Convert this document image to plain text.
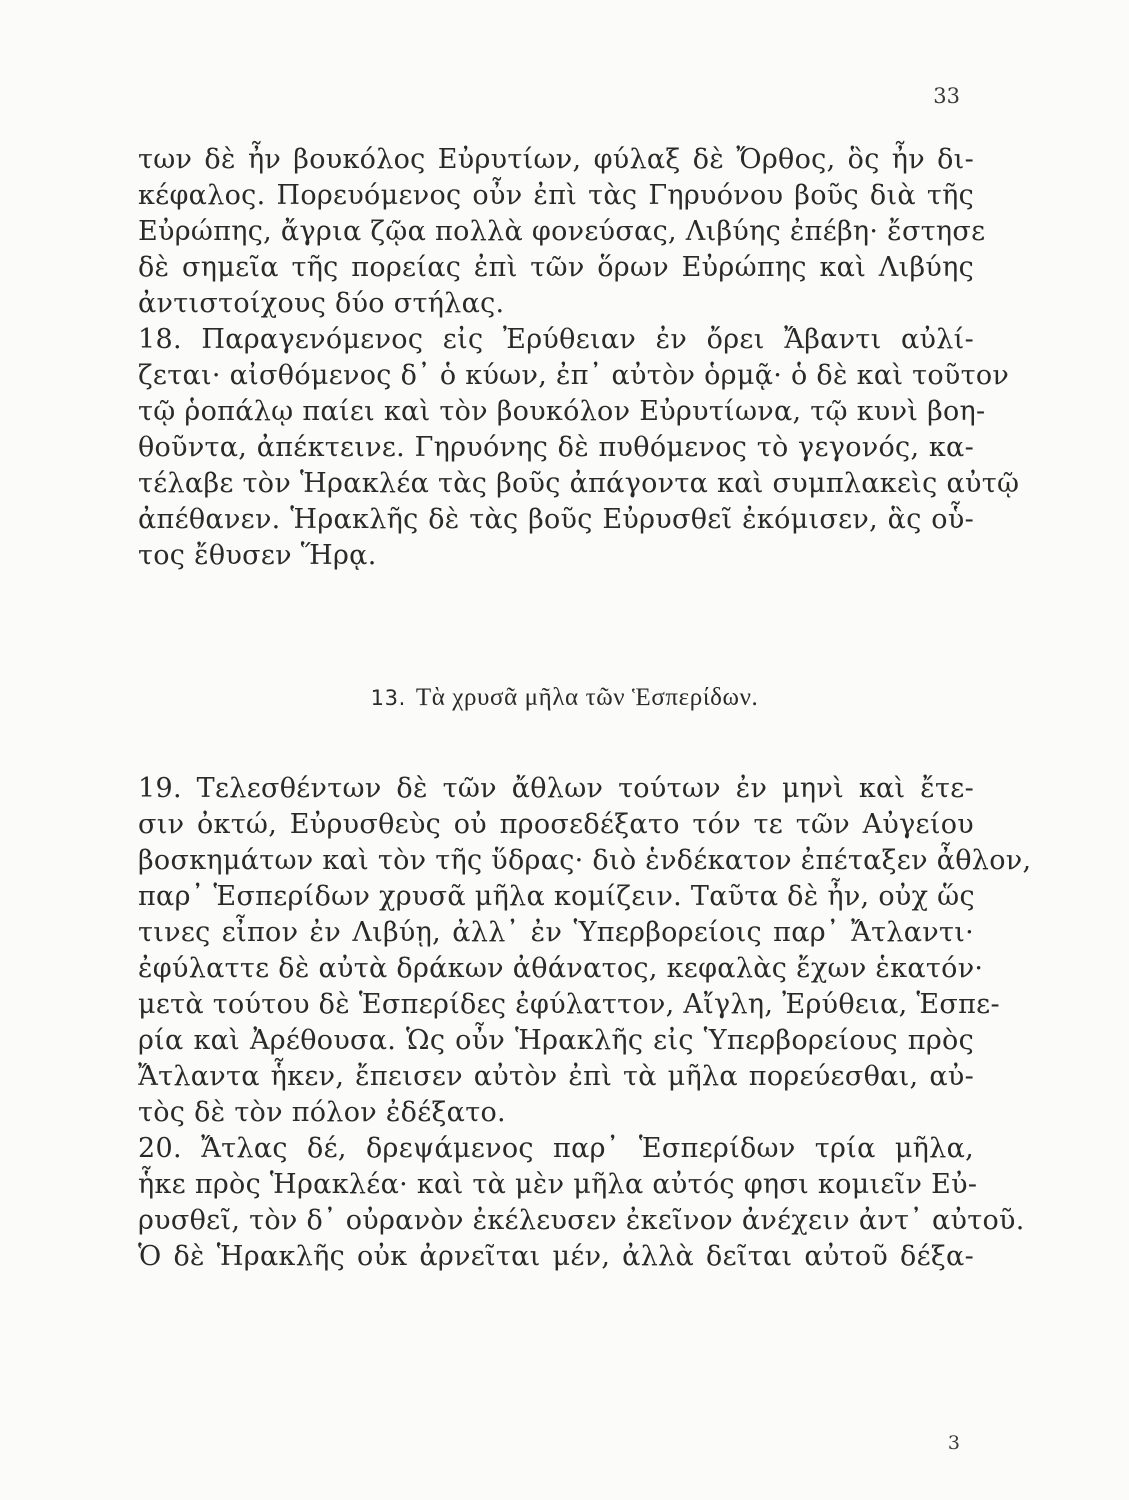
33
των δὲ ἦν βουκόλος Εὐρυτίων, φύλαξ δὲ Ὄρθος, ὃς ἦν δι-
κέφαλος. Πορευόμενος οὖν ἐπὶ τὰς Γηρυόνου βοῦς διὰ τῆς
Εὐρώπης, ἄγρια ζῷα πολλὰ φονεύσας, Λιβύης ἐπέβη· ἔστησε
δὲ σημεῖα τῆς πορείας ἐπὶ τῶν ὅρων Εὐρώπης καὶ Λιβύης
ἀντιστοίχους δύο στήλας.
18. Παραγενόμενος εἰς Ἐρύθειαν ἐν ὄρει Ἄβαντι αὐλί-
ζεται· αἰσθόμενος δ᾽ ὁ κύων, ἐπ᾽ αὐτὸν ὁρμᾷ· ὁ δὲ καὶ τοῦτον
τῷ ῥοπάλῳ παίει καὶ τὸν βουκόλον Εὐρυτίωνα, τῷ κυνὶ βοη-
θοῦντα, ἀπέκτεινε. Γηρυόνης δὲ πυθόμενος τὸ γεγονός, κα-
τέλαβε τὸν Ἡρακλέα τὰς βοῦς ἀπάγοντα καὶ συμπλακεὶς αὐτῷ
ἀπέθανεν. Ἡρακλῆς δὲ τὰς βοῦς Εὐρυσθεῖ ἐκόμισεν, ἃς οὗ-
τος ἔθυσεν Ἥρᾳ.
13. Τὰ χρυσᾶ μῆλα τῶν Ἑσπερίδων.
19. Τελεσθέντων δὲ τῶν ἄθλων τούτων ἐν μηνὶ καὶ ἔτε-
σιν ὀκτώ, Εὐρυσθεὺς οὐ προσεδέξατο τόν τε τῶν Αὐγείου
βοσκημάτων καὶ τὸν τῆς ὕδρας· διὸ ἑνδέκατον ἐπέταξεν ἆθλον,
παρ᾽ Ἑσπερίδων χρυσᾶ μῆλα κομίζειν. Ταῦτα δὲ ἦν, οὐχ ὥς
τινες εἶπον ἐν Λιβύῃ, ἀλλ᾽ ἐν Ὑπερβορείοις παρ᾽ Ἄτλαντι·
ἐφύλαττε δὲ αὐτὰ δράκων ἀθάνατος, κεφαλὰς ἔχων ἑκατόν·
μετὰ τούτου δὲ Ἑσπερίδες ἐφύλαττον, Αἴγλη, Ἐρύθεια, Ἑσπε-
ρία καὶ Ἀρέθουσα. Ὡς οὖν Ἡρακλῆς εἰς Ὑπερβορείους πρὸς
Ἄτλαντα ἧκεν, ἔπεισεν αὐτὸν ἐπὶ τὰ μῆλα πορεύεσθαι, αὐ-
τὸς δὲ τὸν πόλον ἐδέξατο.
20. Ἄτλας δέ, δρεψάμενος παρ᾽ Ἑσπερίδων τρία μῆλα,
ἧκε πρὸς Ἡρακλέα· καὶ τὰ μὲν μῆλα αὐτός φησι κομιεῖν Εὐ-
ρυσθεῖ, τὸν δ᾽ οὐρανὸν ἐκέλευσεν ἐκεῖνον ἀνέχειν ἀντ᾽ αὐτοῦ.
Ὁ δὲ Ἡρακλῆς οὐκ ἀρνεῖται μέν, ἀλλὰ δεῖται αὐτοῦ δέξα-
3
